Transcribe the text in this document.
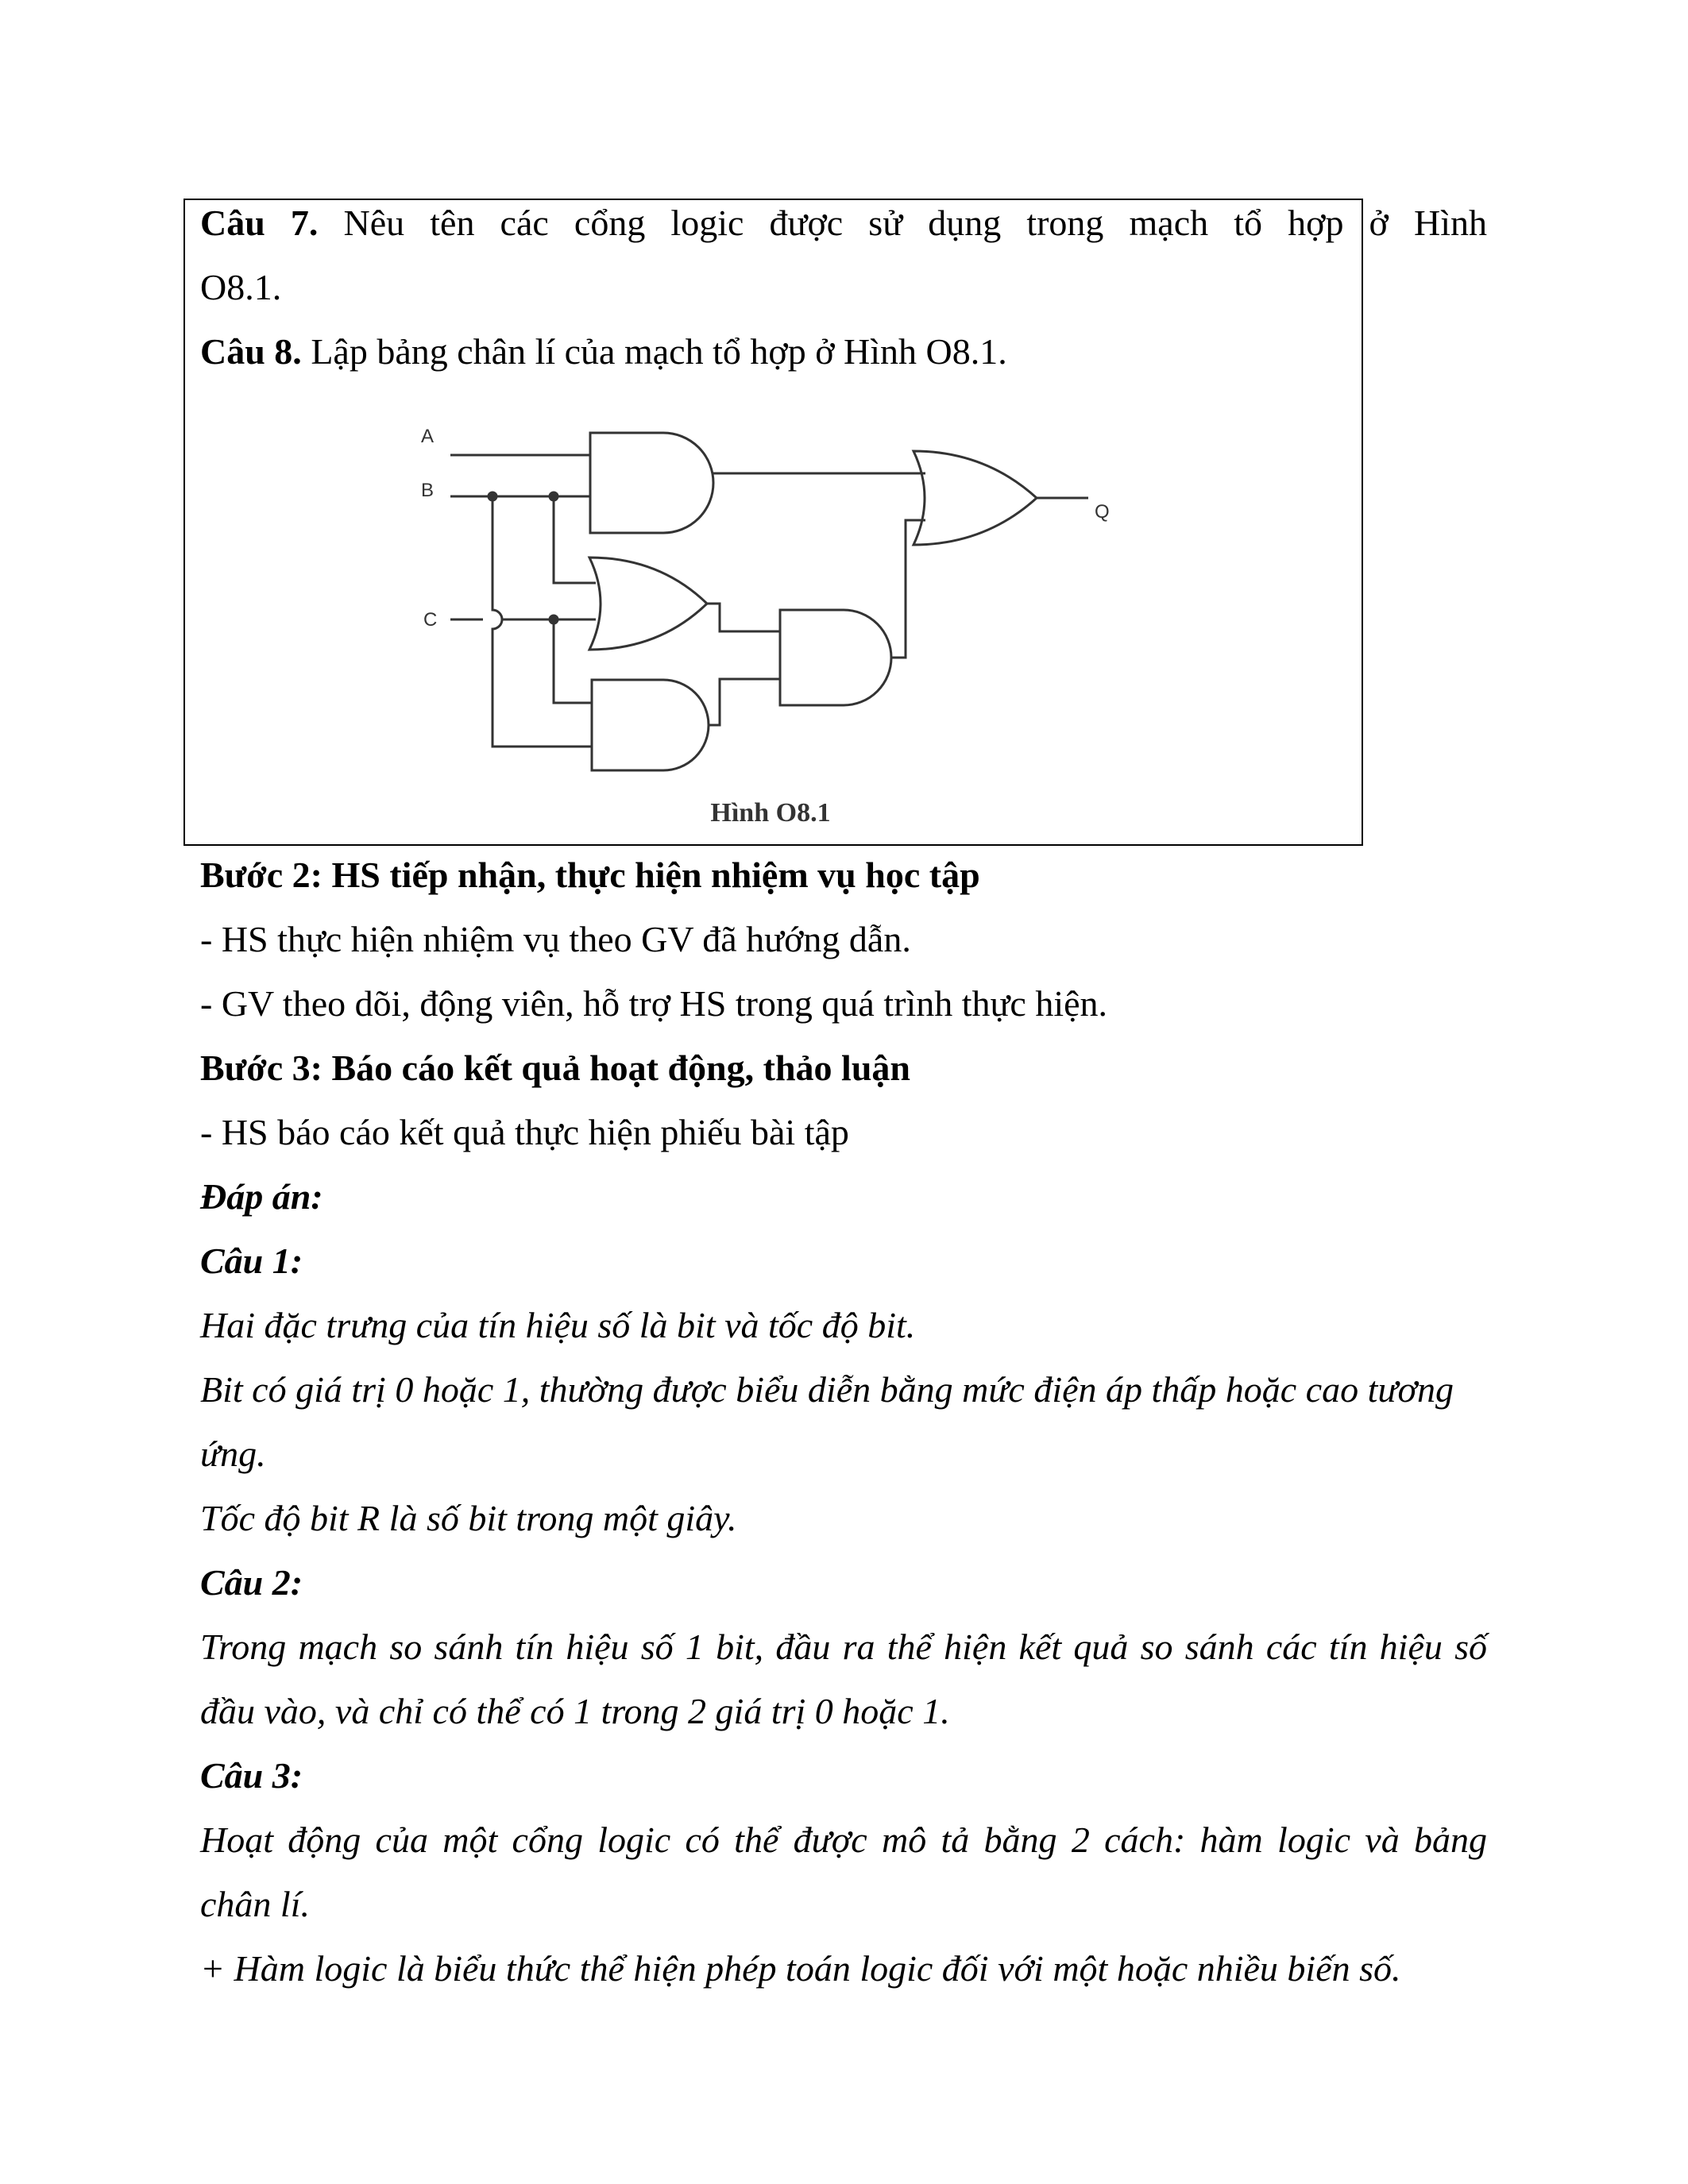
Câu 7. Nêu tên các cổng logic được sử dụng trong mạch tổ hợp ở Hình
O8.1.
Câu 8. Lập bảng chân lí của mạch tổ hợp ở Hình O8.1.
A
B
C
Q
Hình O8.1
Bước 2: HS tiếp nhận, thực hiện nhiệm vụ học tập
- HS thực hiện nhiệm vụ theo GV đã hướng dẫn.
- GV theo dõi, động viên, hỗ trợ HS trong quá trình thực hiện.
Bước 3: Báo cáo kết quả hoạt động, thảo luận
- HS báo cáo kết quả thực hiện phiếu bài tập
Đáp án:
Câu 1:
Hai đặc trưng của tín hiệu số là bit và tốc độ bit.
Bit có giá trị 0 hoặc 1, thường được biểu diễn bằng mức điện áp thấp hoặc cao tương
ứng.
Tốc độ bit R là số bit trong một giây.
Câu 2:
Trong mạch so sánh tín hiệu số 1 bit, đầu ra thể hiện kết quả so sánh các tín hiệu số
đầu vào, và chỉ có thể có 1 trong 2 giá trị 0 hoặc 1.
Câu 3:
Hoạt động của một cổng logic có thể được mô tả bằng 2 cách: hàm logic và bảng
chân lí.
+ Hàm logic là biểu thức thể hiện phép toán logic đối với một hoặc nhiều biến số.
